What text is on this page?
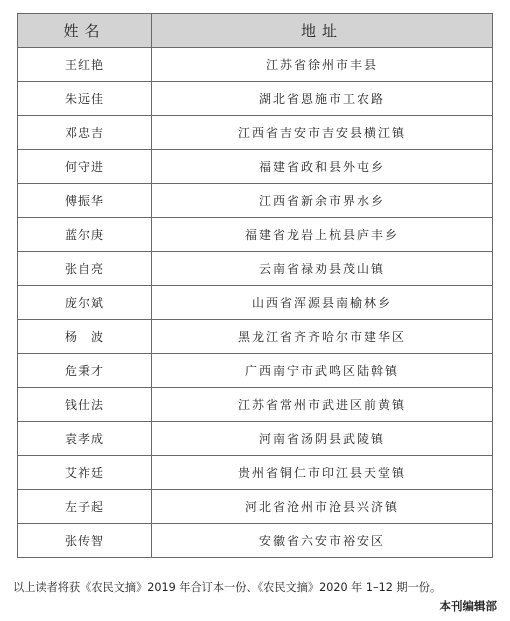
姓名	地址
王红艳	江苏省徐州市丰县
朱远佳	湖北省恩施市工农路
邓忠吉	江西省吉安市吉安县横江镇
何守进	福建省政和县外屯乡
傅振华	江西省新余市界水乡
蓝尔庚	福建省龙岩上杭县庐丰乡
张自亮	云南省禄劝县茂山镇
庞尔斌	山西省浑源县南榆林乡
杨　波	黑龙江省齐齐哈尔市建华区
危秉才	广西南宁市武鸣区陆斡镇
钱仕法	江苏省常州市武进区前黄镇
袁孝成	河南省汤阴县武陵镇
艾祚廷	贵州省铜仁市印江县天堂镇
左子起	河北省沧州市沧县兴济镇
张传智	安徽省六安市裕安区
以上读者将获《农民文摘》2019 年合订本一份、《农民文摘》2020 年 1–12 期一份。
本刊编辑部
